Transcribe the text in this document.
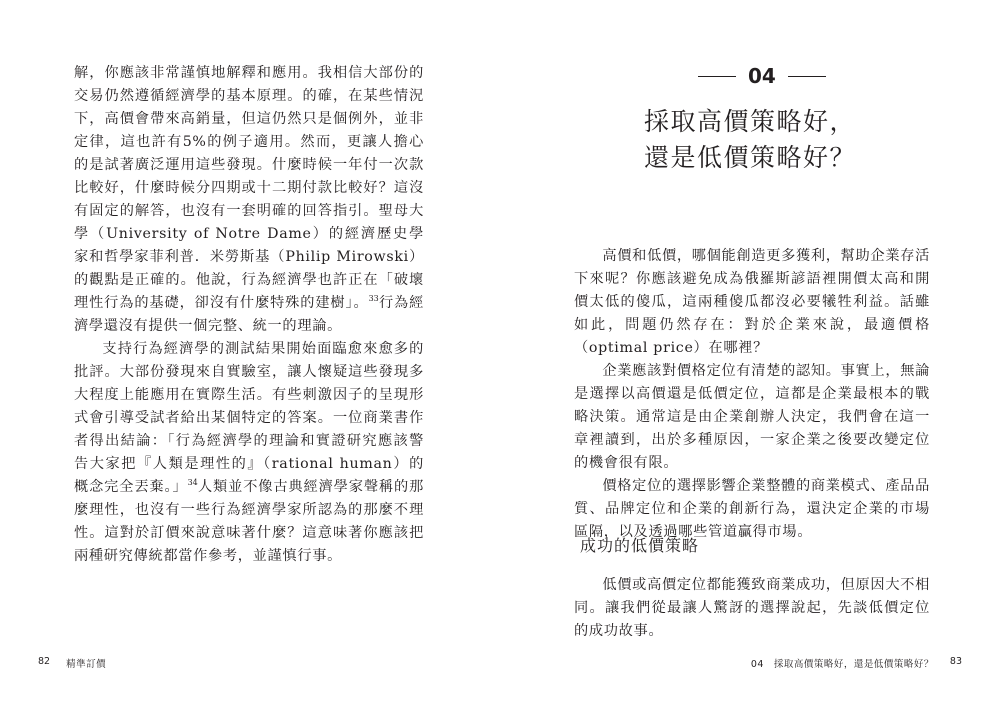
解，你應該非常謹慎地解釋和應用。我相信大部份的交易仍然遵循經濟學的基本原理。的確，在某些情況下，高價會帶來高銷量，但這仍然只是個例外，並非定律，這也許有5%的例子適用。然而，更讓人擔心的是試著廣泛運用這些發現。什麼時候一年付一次款比較好，什麼時候分四期或十二期付款比較好？這沒有固定的解答，也沒有一套明確的回答指引。聖母大學（University of Notre Dame）的經濟歷史學家和哲學家菲利普．米勞斯基（Philip Mirowski）的觀點是正確的。他說，行為經濟學也許正在「破壞理性行為的基礎，卻沒有什麼特殊的建樹」。$^{33}$行為經濟學還沒有提供一個完整、統一的理論。

支持行為經濟學的測試結果開始面臨愈來愈多的批評。大部份發現來自實驗室，讓人懷疑這些發現多大程度上能應用在實際生活。有些刺激因子的呈現形式會引導受試者給出某個特定的答案。一位商業書作者得出結論：「行為經濟學的理論和實證研究應該警告大家把『人類是理性的』（rational human）的概念完全丟棄。」$^{34}$人類並不像古典經濟學家聲稱的那麼理性，也沒有一些行為經濟學家所認為的那麼不理性。這對於訂價來說意味著什麼？這意味著你應該把兩種研究傳統都當作參考，並謹慎行事。

82 精準訂價
04
採取高價策略好，
還是低價策略好？

高價和低價，哪個能創造更多獲利，幫助企業存活下來呢？你應該避免成為俄羅斯諺語裡開價太高和開價太低的傻瓜，這兩種傻瓜都沒必要犧牲利益。話雖如此，問題仍然存在：對於企業來說，最適價格（optimal price）在哪裡？

企業應該對價格定位有清楚的認知。事實上，無論是選擇以高價還是低價定位，這都是企業最根本的戰略決策。通常這是由企業創辦人決定，我們會在這一章裡讀到，出於多種原因，一家企業之後要改變定位的機會很有限。

價格定位的選擇影響企業整體的商業模式、產品品質、品牌定位和企業的創新行為，還決定企業的市場區隔，以及透過哪些管道贏得市場。

成功的低價策略

低價或高價定位都能獲致商業成功，但原因大不相同。讓我們從最讓人驚訝的選擇說起，先談低價定位的成功故事。

04　採取高價策略好，還是低價策略好？ 83
